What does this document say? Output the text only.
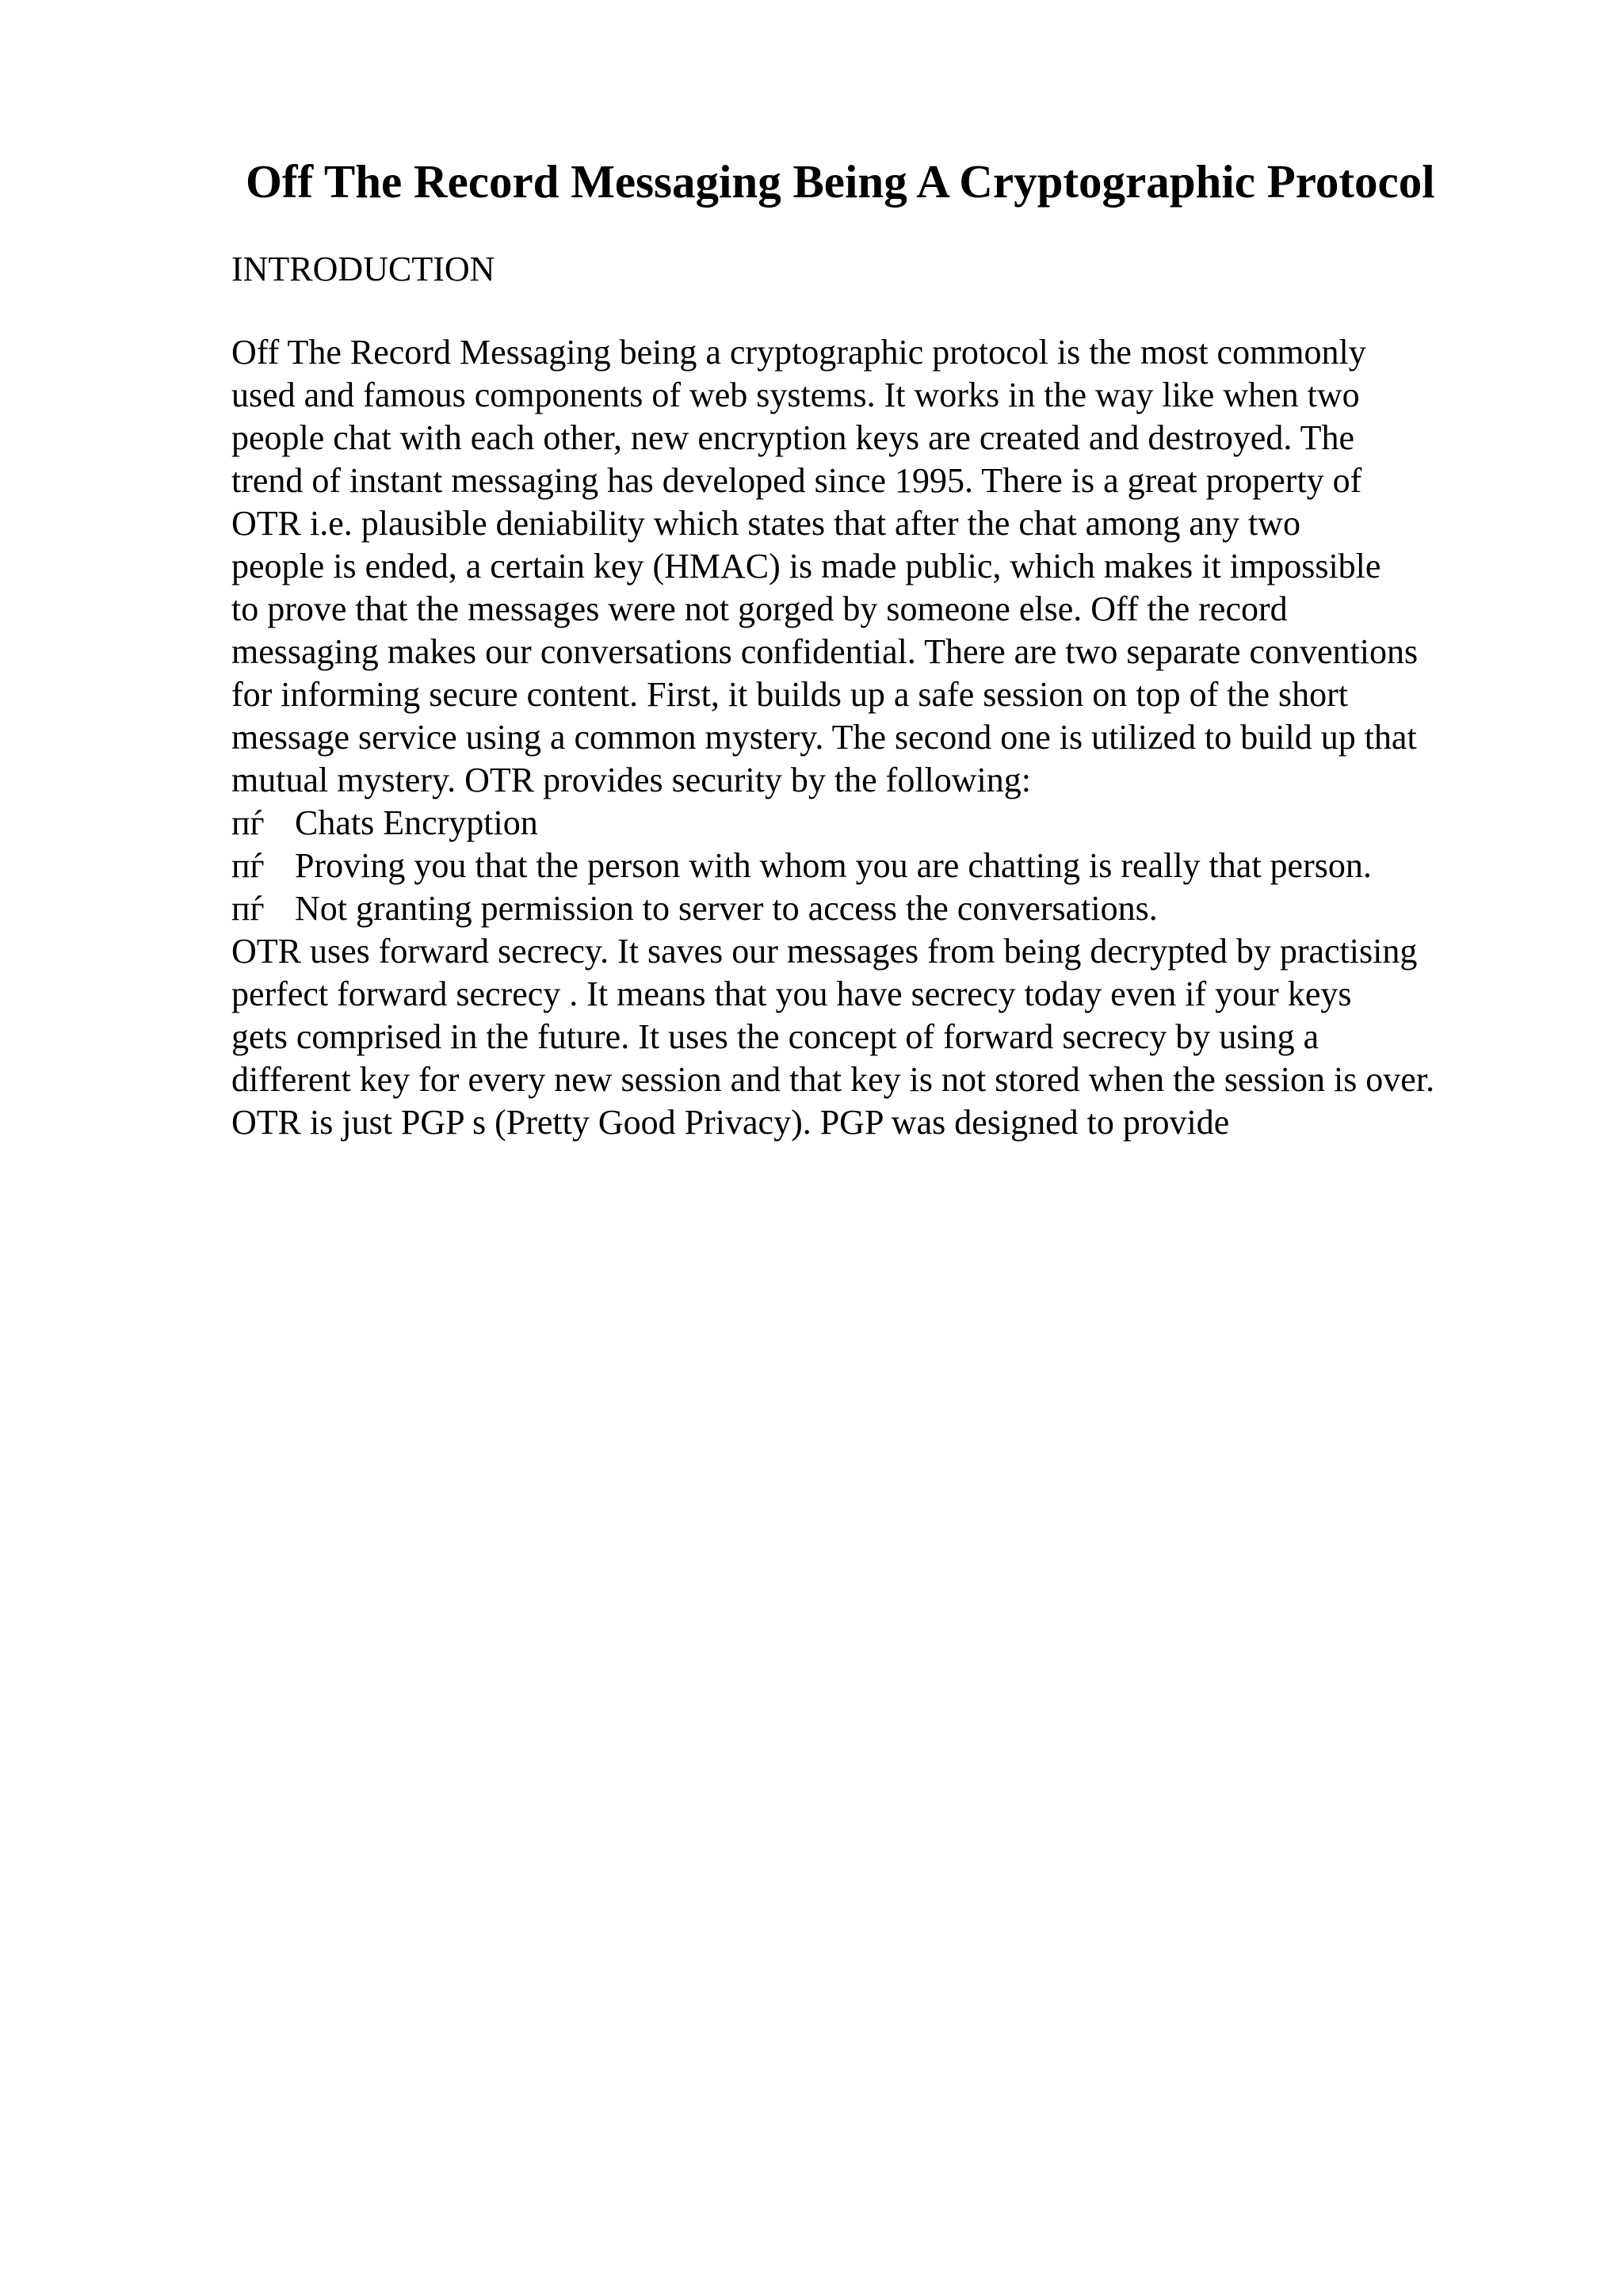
Off The Record Messaging Being A Cryptographic Protocol
INTRODUCTION
Off The Record Messaging being a cryptographic protocol is the most commonly
used and famous components of web systems. It works in the way like when two
people chat with each other, new encryption keys are created and destroyed. The
trend of instant messaging has developed since 1995. There is a great property of
OTR i.e. plausible deniability which states that after the chat among any two
people is ended, a certain key (HMAC) is made public, which makes it impossible
to prove that the messages were not gorged by someone else. Off the record
messaging makes our conversations confidential. There are two separate conventions
for informing secure content. First, it builds up a safe session on top of the short
message service using a common mystery. The second one is utilized to build up that
mutual mystery. OTR provides security by the following:
пѓ Chats Encryption
пѓ Proving you that the person with whom you are chatting is really that person.
пѓ Not granting permission to server to access the conversations.
OTR uses forward secrecy. It saves our messages from being decrypted by practising
perfect forward secrecy . It means that you have secrecy today even if your keys
gets comprised in the future. It uses the concept of forward secrecy by using a
different key for every new session and that key is not stored when the session is over.
OTR is just PGP s (Pretty Good Privacy). PGP was designed to provide
